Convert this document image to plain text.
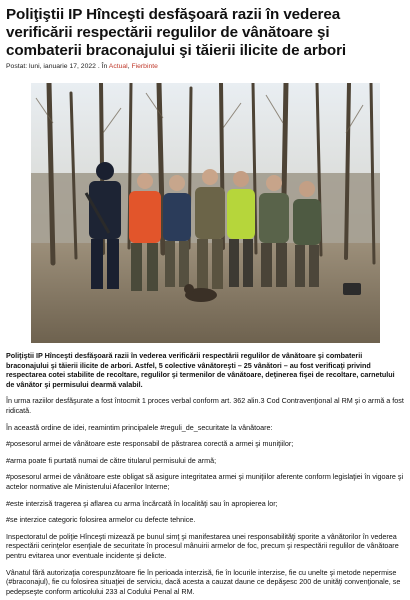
Poliţiştii IP Hînceşti desfăşoară razii în vederea verificării respectării regulilor de vânătoare şi combaterii braconajului şi tăierii ilicite de arbori
Postat: luni, ianuarie 17, 2022 . În Actual, Fierbinte

Poliţiştii IP Hînceşti desfăşoară razii în vederea verificării respectării regulilor de vânătoare şi combaterii braconajului şi tăierii ilicite de arbori. Astfel, 5 colective vânătoreşti – 25 vânători – au fost verificaţi privind respectarea cotei stabilite de recoltare, regulilor şi termenilor de vânătoare, deţinerea fişei de recoltare, carnetului de vânător şi permisului dearmă valabil.

În urma raziilor desfăşurate a fost întocmit 1 proces verbal conform art. 362 alin.3 Cod Contravenţional al RM şi o armă a fost ridicată.

În această ordine de idei, reamintim principalele #reguli_de_securitate la vânătoare:

#posesorul armei de vânătoare este responsabil de păstrarea corectă a armei şi muniţiilor;

#arma poate fi purtată numai de către titularul permisului de armă;

#posesorul armei de vânătoare este obligat să asigure integritatea armei şi muniţiilor aferente conform legislaţiei în vigoare şi actelor normative ale Ministerului Afacerilor Interne;

#este interzisă tragerea şi aflarea cu arma încărcată în localităţi sau în apropierea lor;

#se interzice categoric folosirea armelor cu defecte tehnice.

Inspectoratul de poliţie Hînceşti mizează pe bunul simţ şi manifestarea unei responsabilităţi sporite a vânătorilor în vederea respectării cerinţelor esenţiale de securitate în procesul mânuirii armelor de foc, precum şi respectării regulilor de vânătoare pentru evitarea unor eventuale incidente şi delicte.

Vânatul fără autorizaţia corespunzătoare fie în perioada interzisă, fie în locurile interzise, fie cu unelte şi metode nepermise (#braconajul), fie cu folosirea situaţiei de serviciu, dacă acesta a cauzat daune ce depăşesc 200 de unităţi convenţionale, se pedepseşte conform articolului 233 al Codului Penal al RM.
